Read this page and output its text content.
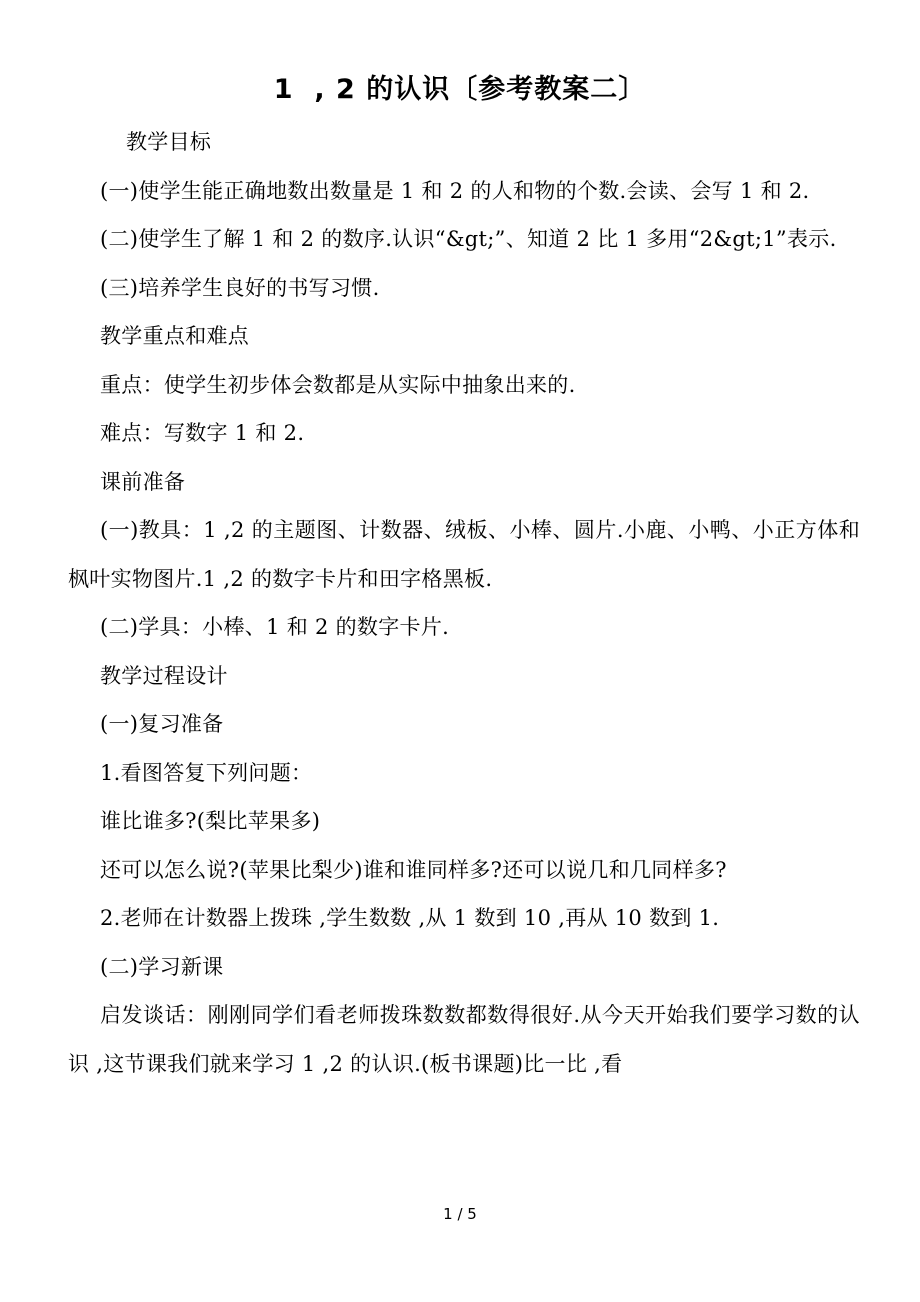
1  , 2 的认识〔参考教案二〕

教学目标

(一)使学生能正确地数出数量是 1 和 2 的人和物的个数.会读、会写 1 和 2.

(二)使学生了解 1 和 2 的数序.认识“&gt;”、知道 2 比 1 多用“2&gt;1”表示.

(三)培养学生良好的书写习惯.

教学重点和难点

重点：使学生初步体会数都是从实际中抽象出来的.

难点：写数字 1 和 2.

课前准备

(一)教具：1 ,2 的主题图、计数器、绒板、小棒、圆片.小鹿、小鸭、小正方体和枫叶实物图片.1 ,2 的数字卡片和田字格黑板.

(二)学具：小棒、1 和 2 的数字卡片.

教学过程设计

(一)复习准备

1.看图答复下列问题：

谁比谁多?(梨比苹果多)

还可以怎么说?(苹果比梨少)谁和谁同样多?还可以说几和几同样多?

2.老师在计数器上拨珠 ,学生数数 ,从 1 数到 10 ,再从 10 数到 1.

(二)学习新课

启发谈话：刚刚同学们看老师拨珠数数都数得很好.从今天开始我们要学习数的认识 ,这节课我们就来学习 1 ,2 的认识.(板书课题)比一比 ,看

1 / 5
